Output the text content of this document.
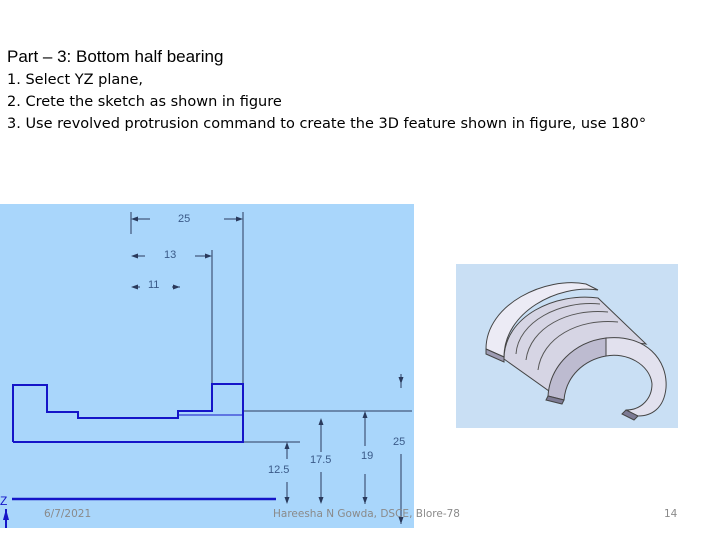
Part – 3: Bottom half bearing
1. Select YZ plane,
2. Crete the sketch as shown in figure
3. Use revolved protrusion command to create the 3D feature shown in figure, use 180°
25
13
11
25
19
17.5
12.5
Z
6/7/2021	Hareesha N Gowda, DSCE, Blore-78	14
